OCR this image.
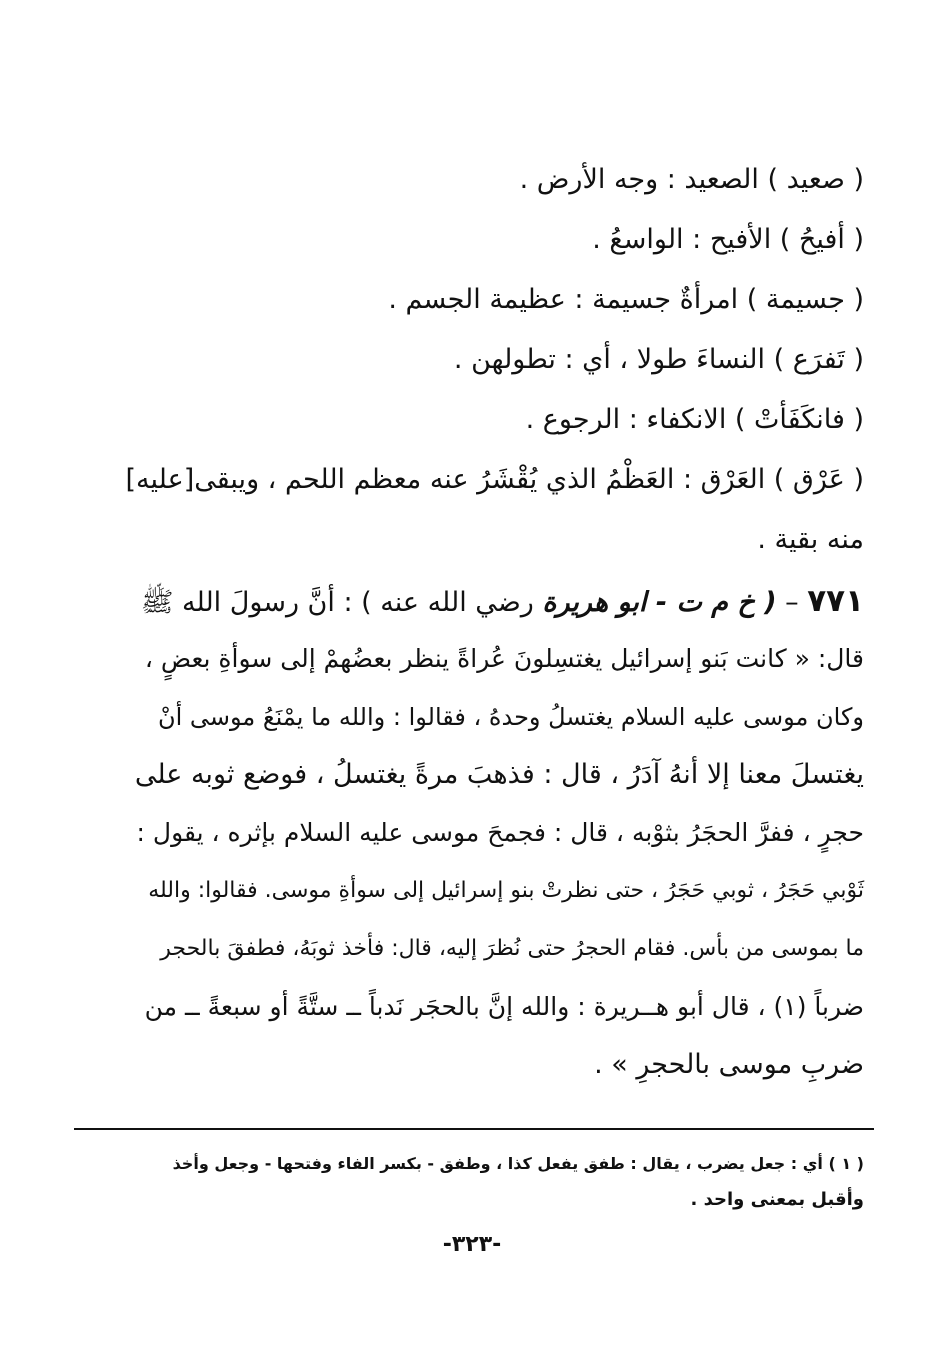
( صعيد ) الصعيد : وجه الأرض .
( أفيحُ ) الأفيح : الواسعُ .
( جسيمة ) امرأةٌ جسيمة : عظيمة الجسم .
( تَفرَع ) النساءَ طولا ، أي : تطولهن .
( فانكَفَأتْ ) الانكفاء : الرجوع .
( عَرْق ) العَرْق : العَظْمُ الذي يُقْشَرُ عنه معظم اللحم ، ويبقى[عليه]
منه بقية .
٧٧١ – ( خ م ت - ابو هريرة رضي الله عنه ) : أنَّ رسولَ الله ﷺ
قال: « كانت بَنو إسرائيل يغتسِلونَ عُراةً ينظر بعضُهمْ إلى سوأةِ بعضٍ ،
وكان موسى عليه السلام يغتسلُ وحدهُ ، فقالوا : والله ما يمْنَعُ موسى أنْ
يغتسلَ معنا إلا أنهُ آدَرُ ، قال : فذهبَ مرةً يغتسلُ ، فوضع ثوبه على
حجرٍ ، ففرَّ الحجَرُ بثوْبه ، قال : فجمحَ موسى عليه السلام بإثره ، يقول :
ثَوْبي حَجَرُ ، ثوبي حَجَرُ ، حتى نظرتْ بنو إسرائيل إلى سوأةِ موسى. فقالوا: والله
ما بموسى من بأس. فقام الحجرُ حتى نُظرَ إليه، قال: فأخذ ثوبَهُ، فطفقَ بالحجر
ضرباً (١) ، قال أبو هــريرة : والله إنَّ بالحجَر نَدباً ــ ستَّةً أو سبعةً ــ من
ضربِ موسى بالحجرِ » .
( ١ ) أي : جعل يضرب ، يقال : طفق يفعل كذا ، وطفق - بكسر الفاء وفتحها - وجعل وأخذ
وأقبل بمعنى واحد .
-٣٢٣-
